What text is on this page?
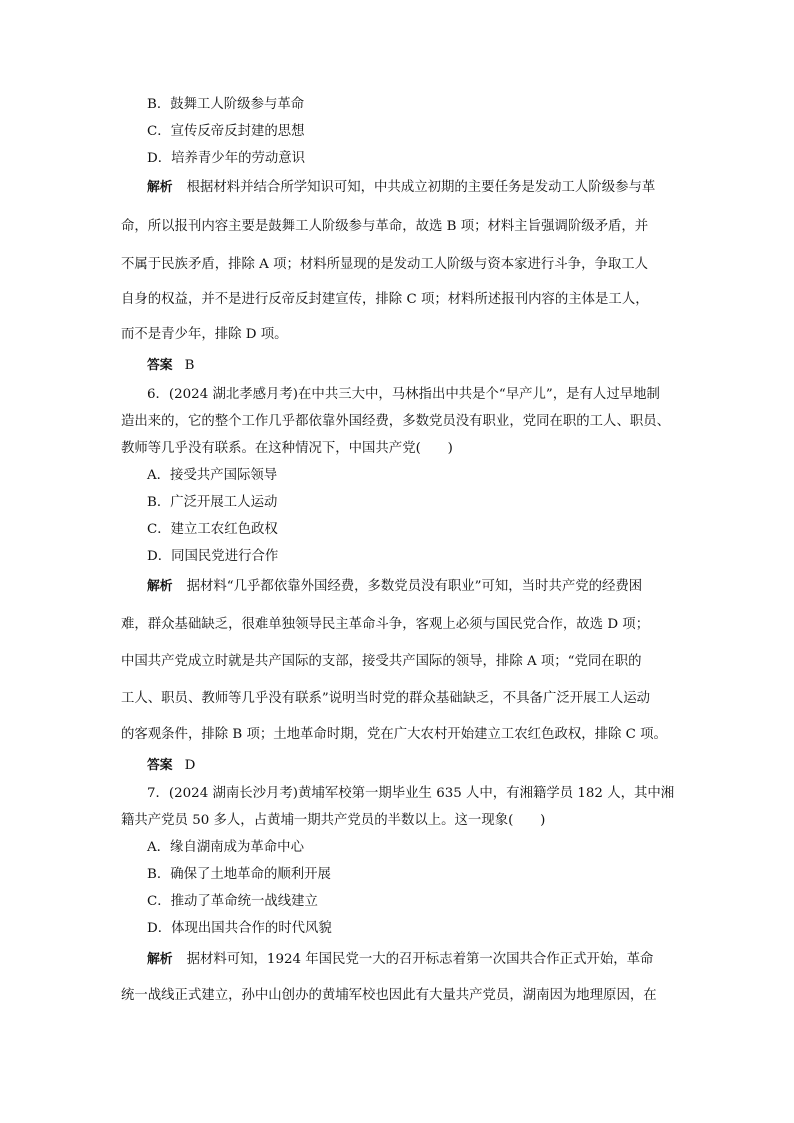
B．鼓舞工人阶级参与革命
C．宣传反帝反封建的思想
D．培养青少年的劳动意识
解析 根据材料并结合所学知识可知，中共成立初期的主要任务是发动工人阶级参与革
命，所以报刊内容主要是鼓舞工人阶级参与革命，故选 B 项；材料主旨强调阶级矛盾，并
不属于民族矛盾，排除 A 项；材料所显现的是发动工人阶级与资本家进行斗争，争取工人
自身的权益，并不是进行反帝反封建宣传，排除 C 项；材料所述报刊内容的主体是工人，
而不是青少年，排除 D 项。
答案 B
6．(2024 湖北孝感月考)在中共三大中，马林指出中共是个“早产儿”，是有人过早地制
造出来的，它的整个工作几乎都依靠外国经费，多数党员没有职业，党同在职的工人、职员、
教师等几乎没有联系。在这种情况下，中国共产党(　　)
A．接受共产国际领导
B．广泛开展工人运动
C．建立工农红色政权
D．同国民党进行合作
解析 据材料“几乎都依靠外国经费，多数党员没有职业”可知，当时共产党的经费困
难，群众基础缺乏，很难单独领导民主革命斗争，客观上必须与国民党合作，故选 D 项；
中国共产党成立时就是共产国际的支部，接受共产国际的领导，排除 A 项；“党同在职的
工人、职员、教师等几乎没有联系”说明当时党的群众基础缺乏，不具备广泛开展工人运动
的客观条件，排除 B 项；土地革命时期，党在广大农村开始建立工农红色政权，排除 C 项。
答案 D
7．(2024 湖南长沙月考)黄埔军校第一期毕业生 635 人中，有湘籍学员 182 人，其中湘
籍共产党员 50 多人，占黄埔一期共产党员的半数以上。这一现象(　　)
A．缘自湖南成为革命中心
B．确保了土地革命的顺利开展
C．推动了革命统一战线建立
D．体现出国共合作的时代风貌
解析 据材料可知，1924 年国民党一大的召开标志着第一次国共合作正式开始，革命
统一战线正式建立，孙中山创办的黄埔军校也因此有大量共产党员，湖南因为地理原因，在
